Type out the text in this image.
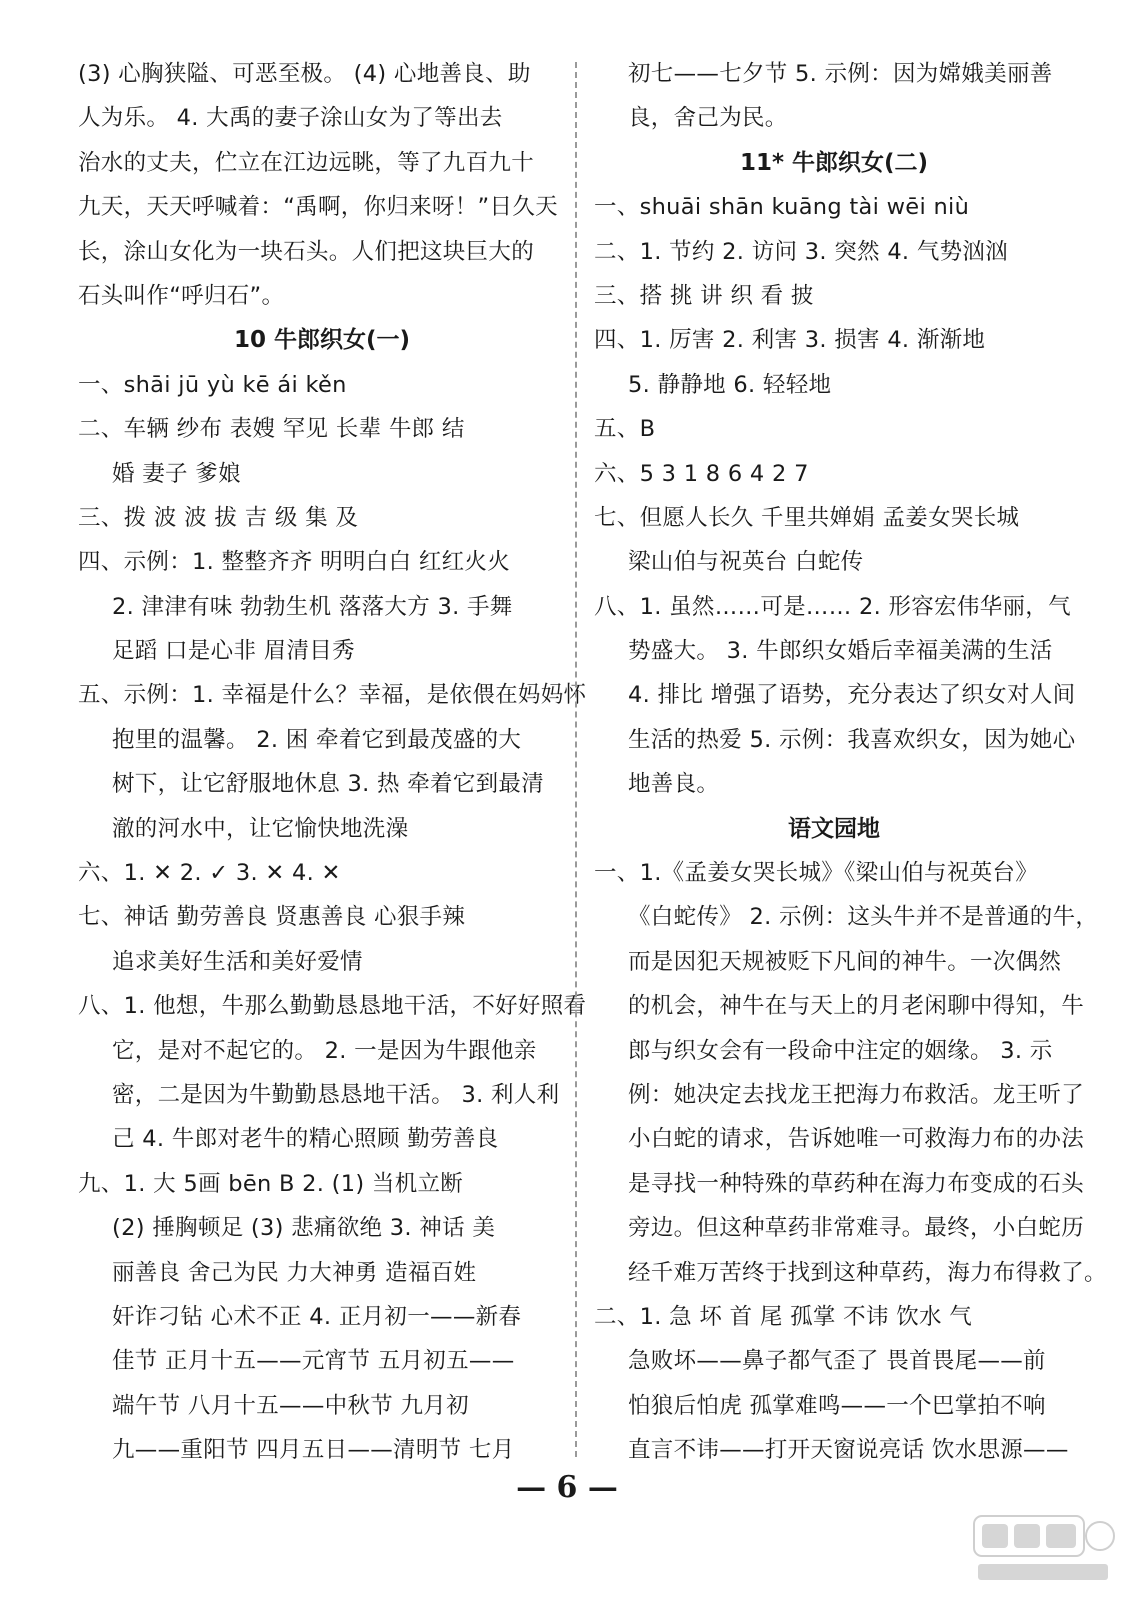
(3) 心胸狭隘、可恶至极。 (4) 心地善良、助
人为乐。 4. 大禹的妻子涂山女为了等出去
治水的丈夫，伫立在江边远眺，等了九百九十
九天，天天呼喊着：“禹啊，你归来呀！”日久天
长，涂山女化为一块石头。人们把这块巨大的
石头叫作“呼归石”。
10 牛郎织女(一)
一、shāi jū yù kē ái kěn
二、车辆 纱布 表嫂 罕见 长辈 牛郎 结
婚 妻子 爹娘
三、拨 波 波 拔 吉 级 集 及
四、示例：1. 整整齐齐 明明白白 红红火火
2. 津津有味 勃勃生机 落落大方 3. 手舞
足蹈 口是心非 眉清目秀
五、示例：1. 幸福是什么？幸福，是依偎在妈妈怀
抱里的温馨。 2. 困 牵着它到最茂盛的大
树下，让它舒服地休息 3. 热 牵着它到最清
澈的河水中，让它愉快地洗澡
六、1. ✕ 2. ✓ 3. ✕ 4. ✕
七、神话 勤劳善良 贤惠善良 心狠手辣
追求美好生活和美好爱情
八、1. 他想，牛那么勤勤恳恳地干活，不好好照看
它，是对不起它的。 2. 一是因为牛跟他亲
密，二是因为牛勤勤恳恳地干活。 3. 利人利
己 4. 牛郎对老牛的精心照顾 勤劳善良
九、1. 大 5画 bēn B 2. (1) 当机立断
(2) 捶胸顿足 (3) 悲痛欲绝 3. 神话 美
丽善良 舍己为民 力大神勇 造福百姓
奸诈刁钻 心术不正 4. 正月初一——新春
佳节 正月十五——元宵节 五月初五——
端午节 八月十五——中秋节 九月初
九——重阳节 四月五日——清明节 七月
初七——七夕节 5. 示例：因为嫦娥美丽善
良，舍己为民。
11* 牛郎织女(二)
一、shuāi shān kuāng tài wēi niù
二、1. 节约 2. 访问 3. 突然 4. 气势汹汹
三、搭 挑 讲 织 看 披
四、1. 厉害 2. 利害 3. 损害 4. 渐渐地
5. 静静地 6. 轻轻地
五、B
六、5 3 1 8 6 4 2 7
七、但愿人长久 千里共婵娟 孟姜女哭长城
梁山伯与祝英台 白蛇传
八、1. 虽然……可是…… 2. 形容宏伟华丽，气
势盛大。 3. 牛郎织女婚后幸福美满的生活
4. 排比 增强了语势，充分表达了织女对人间
生活的热爱 5. 示例：我喜欢织女，因为她心
地善良。
语文园地
一、1.《孟姜女哭长城》《梁山伯与祝英台》
《白蛇传》 2. 示例：这头牛并不是普通的牛，
而是因犯天规被贬下凡间的神牛。一次偶然
的机会，神牛在与天上的月老闲聊中得知，牛
郎与织女会有一段命中注定的姻缘。 3. 示
例：她决定去找龙王把海力布救活。龙王听了
小白蛇的请求，告诉她唯一可救海力布的办法
是寻找一种特殊的草药种在海力布变成的石头
旁边。但这种草药非常难寻。最终，小白蛇历
经千难万苦终于找到这种草药，海力布得救了。
二、1. 急 坏 首 尾 孤掌 不讳 饮水 气
急败坏——鼻子都气歪了 畏首畏尾——前
怕狼后怕虎 孤掌难鸣——一个巴掌拍不响
直言不讳——打开天窗说亮话 饮水思源——
— 6 —
